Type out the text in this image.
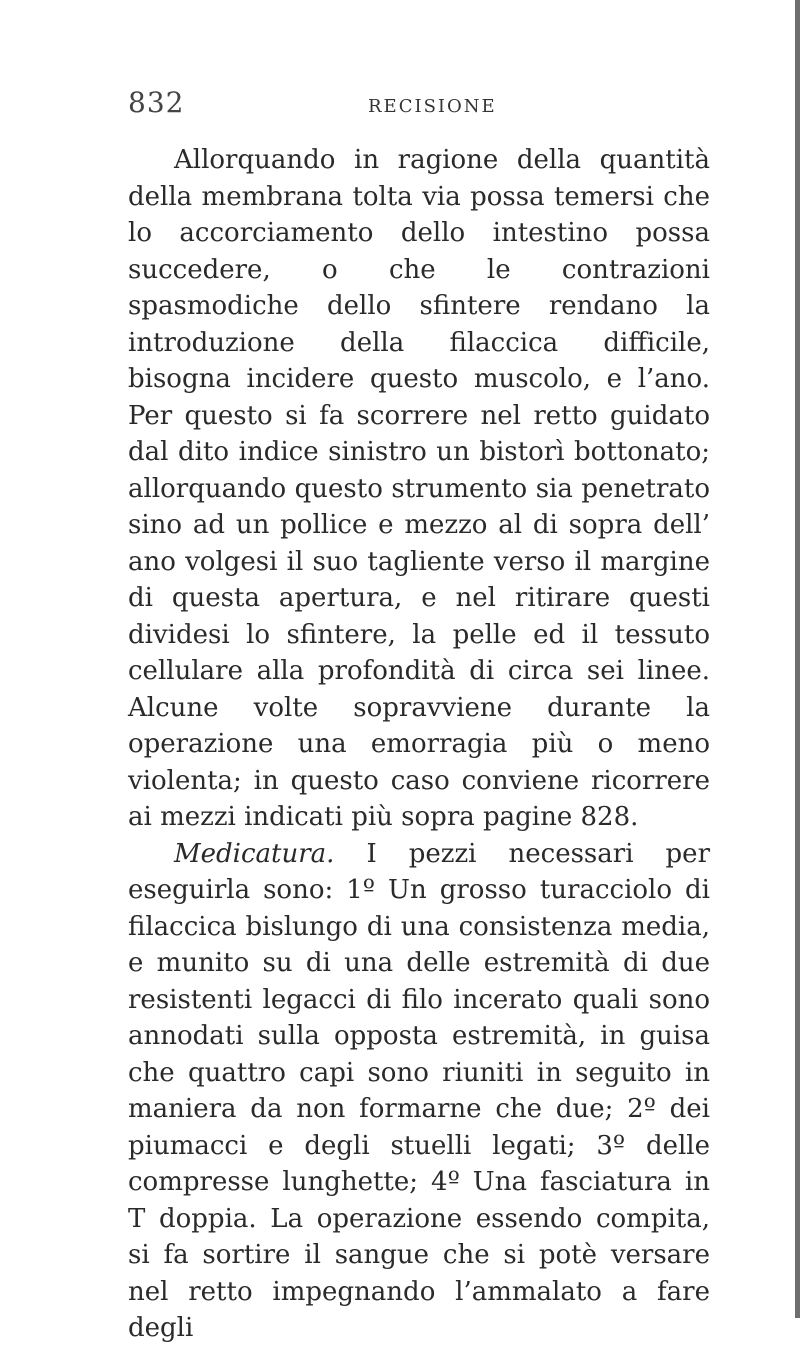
832	RECISIONE

Allorquando in ragione della quantità della membrana tolta via possa temersi che lo accorciamento dello intestino possa succedere, o che le contrazioni spasmodiche dello sfintere rendano la introduzione della filaccica difficile, bisogna incidere questo muscolo, e l’ano. Per questo si fa scorrere nel retto guidato dal dito indice sinistro un bistorì bottonato; allorquando questo strumento sia penetrato sino ad un pollice e mezzo al di sopra dell’ ano volgesi il suo tagliente verso il margine di questa apertura, e nel ritirare questi dividesi lo sfintere, la pelle ed il tessuto cellulare alla profondità di circa sei linee. Alcune volte sopravviene durante la operazione una emorragia più o meno violenta; in questo caso conviene ricorrere ai mezzi indicati più sopra pagine 828.

Medicatura. I pezzi necessari per eseguirla sono: 1º Un grosso turacciolo di filaccica bislungo di una consistenza media, e munito su di una delle estremità di due resistenti legacci di filo incerato quali sono annodati sulla opposta estremità, in guisa che quattro capi sono riuniti in seguito in maniera da non formarne che due; 2º dei piumacci e degli stuelli legati; 3º delle compresse lunghette; 4º Una fasciatura in T doppia. La operazione essendo compita, si fa sortire il sangue che si potè versare nel retto impegnando l’ammalato a fare degli
